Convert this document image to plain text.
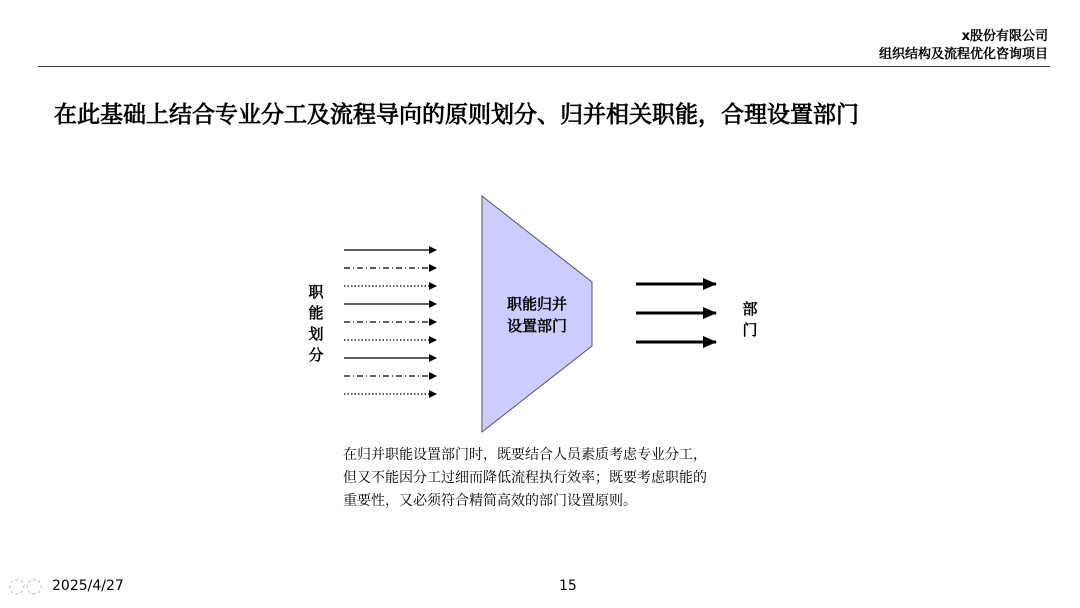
x股份有限公司
组织结构及流程优化咨询项目
在此基础上结合专业分工及流程导向的原则划分、归并相关职能，合理设置部门
职
能
划
分
职能归并
设置部门
部
门
在归并职能设置部门时，既要结合人员素质考虑专业分工，但又不能因分工过细而降低流程执行效率；既要考虑职能的重要性，又必须符合精简高效的部门设置原则。
◌◌ 2025/4/27	15
